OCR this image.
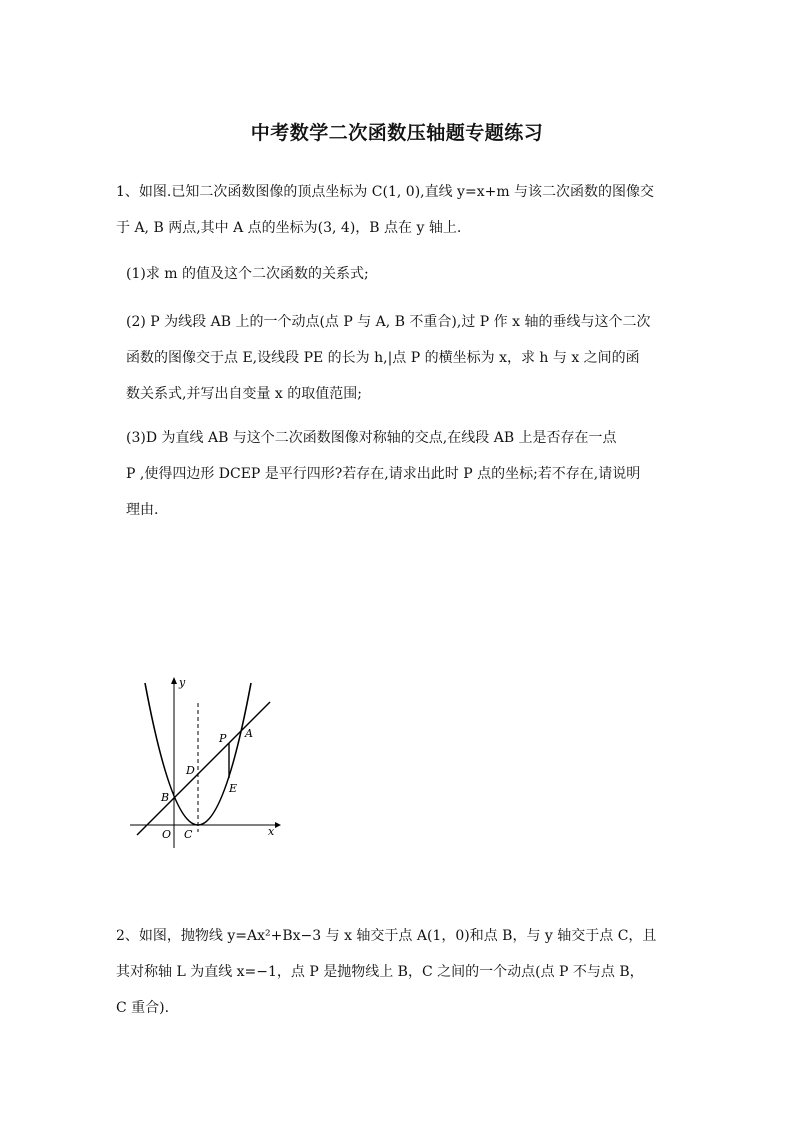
中考数学二次函数压轴题专题练习
1、如图.已知二次函数图像的顶点坐标为 C(1, 0),直线 y=x+m 与该二次函数的图像交
于 A, B 两点,其中 A 点的坐标为(3, 4)，B 点在 y 轴上.
(1)求 m 的值及这个二次函数的关系式;
(2) P 为线段 AB 上的一个动点(点 P 与 A, B 不重合),过 P 作 x 轴的垂线与这个二次
函数的图像交于点 E,设线段 PE 的长为 h,|点 P 的横坐标为 x，求 h 与 x 之间的函
数关系式,并写出自变量 x 的取值范围;
(3)D 为直线 AB 与这个二次函数图像对称轴的交点,在线段 AB 上是否存在一点
P ,使得四边形 DCEP 是平行四形?若存在,请求出此时 P 点的坐标;若不存在,请说明
理由.
y
x
O C
B
D
P A
E
2、如图，抛物线 y=Ax²+Bx−3 与 x 轴交于点 A(1，0)和点 B，与 y 轴交于点 C，且
其对称轴 L 为直线 x=−1，点 P 是抛物线上 B，C 之间的一个动点(点 P 不与点 B，
C 重合).
